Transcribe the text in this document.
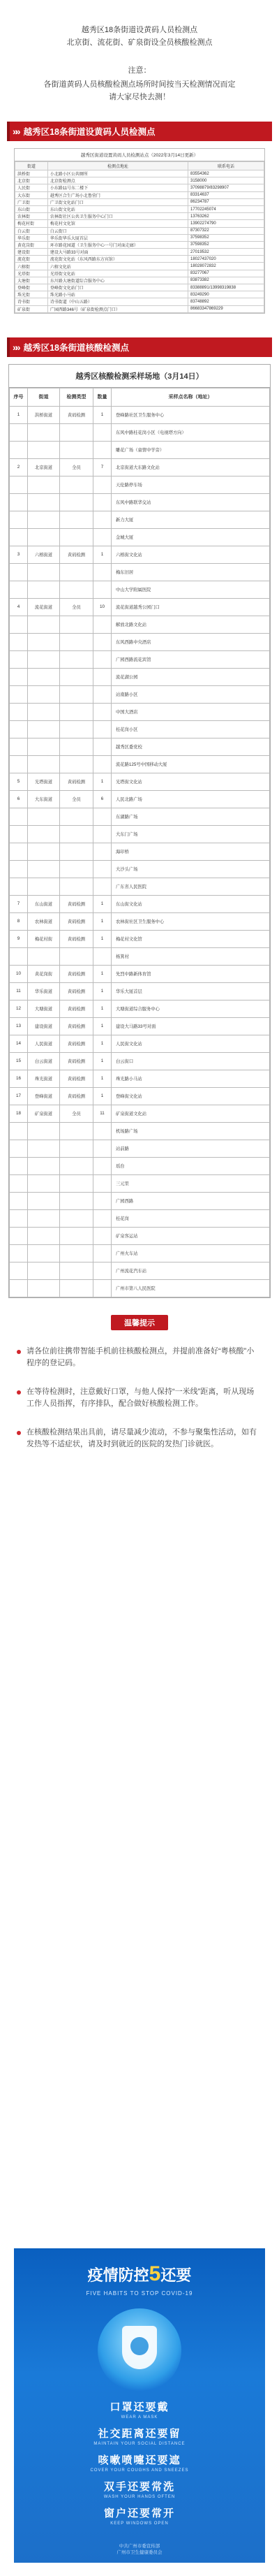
越秀区18条街道设黄码人员检测点
北京街、流花街、矿泉街设全员核酸检测点
注意：
各街道黄码人员核酸检测点场所时间按当天检测情况而定
请大家尽快去测！
»» 越秀区18条街道设黄码人员检测点
越秀区街道设置黄码人员检测站点（2022年3月14日更新）
街道	检测点地址	联系电话
洪桥街	小北路小区公共厕所	83554362
北京街	北京街检测点	3158000
人民街	小东路11号东二楼下	37098879/83298907
大东街	越秀区合生广场小北鲁营门	83314637
广卫街	广卫街文化站门口	86234787
东山街	东山街文化站	17702245074
农林街	农林街社区公共卫生服务中心门口	13763262
梅花村街	梅花村文化馆	13902274790
白云街	白云街口	87307322
华乐街	华乐街华乐大厦首层	37598352
黄花岗街	环市路花园道（卫生服务中心一号门对面走廊）	37598352
建设街	建设大马路33号对面	27019532
流花街	流花街文化站（东风西路东方宾馆）	18027437020
六榕街	六榕文化站	18028072832
光塔街	光塔街文化站	83277067
大塘街	东川路大塘街道综合服务中心	83873382
登峰街	登峰街文化站门口	83388891/13998319838
珠光街	珠光路小马站	83249290
诗书街	诗书街道（中山五路）	83748892
矿泉街	广园西路346号（矿泉街检测点门口）	86683347869229
»» 越秀区18条街道核酸检测点
越秀区核酸检测采样场地（3月14日）
序号	街道	检测类型	数量	采样点名称（地址）
1	洪桥街道	黄码检测	1	登峰路社区卫生服务中心
				东风中路桂花岗小区（电视塔方向）
				雕花广场（童情中学旁）
2	北京街道	全员	7	北京街道大东路文化站
				天伦路停车场
				东风中路联华交站
				新力大厦
				金城大厦
3	六榕街道	黄码检测	1	六榕街文化站
				梅东旧居
				中山大学附属医院
4	流花街道	全员	10	流花街道越秀公园门口
				解放北路文化站
				东风西路中央酒店
				广园西路流花宾馆
				流花湖公园
				站南路小区
				中国大酒店
				桂花岗小区
				越秀区委党校
				流花路125号中国移动大厦
5	光塔街道	黄码检测	1	光塔街文化站
6	大东街道	全员	6	人民北路广场
				东湖路广场
				大东门广场
				海印桥
				大沙头广场
				广东省人民医院
7	东山街道	黄码检测	1	东山街文化站
8	农林街道	黄码检测	1	农林街社区卫生服务中心
9	梅花村街	黄码检测	1	梅花村文化馆
				杨箕村
10	黄花岗街	黄码检测	1	先烈中路新体育馆
11	华乐街道	黄码检测	1	华乐大厦首层
12	大塘街道	黄码检测	1	大塘街道综合服务中心
13	建设街道	黄码检测	1	建设大马路33号对面
14	人民街道	黄码检测	1	人民街文化站
15	白云街道	黄码检测	1	白云街口
16	珠光街道	黄码检测	1	珠光路小马站
17	登峰街道	黄码检测	1	登峰街文化站
18	矿泉街道	全员	11	矿泉街道文化站
				机场路广场
				站前路
				瑶台
				三元里
				广园西路
				桂花岗
				矿泉客运站
				广州火车站
				广州流花汽车站
				广州市第八人民医院
温馨提示
请各位前往携带智能手机前往核酸检测点，并提前准备好“粤核酸”小程序的登记码。
在等待检测时，注意戴好口罩，与他人保持“一米线”距离，听从现场工作人员指挥，有序排队，配合做好核酸检测工作。
在核酸检测结果出具前，请尽量减少流动，不参与聚集性活动，如有发热等不适症状，请及时到就近的医院的发热门诊就医。
疫情防控5还要
FIVE HABITS TO STOP COVID-19
口罩还要戴
WEAR A MASK
社交距离还要留
MAINTAIN YOUR SOCIAL DISTANCE
咳嗽喷嚏还要遮
COVER YOUR COUGHS AND SNEEZES
双手还要常洗
WASH YOUR HANDS OFTEN
窗户还要常开
KEEP WINDOWS OPEN
中共广州市委宣传部
广州市卫生健康委员会
